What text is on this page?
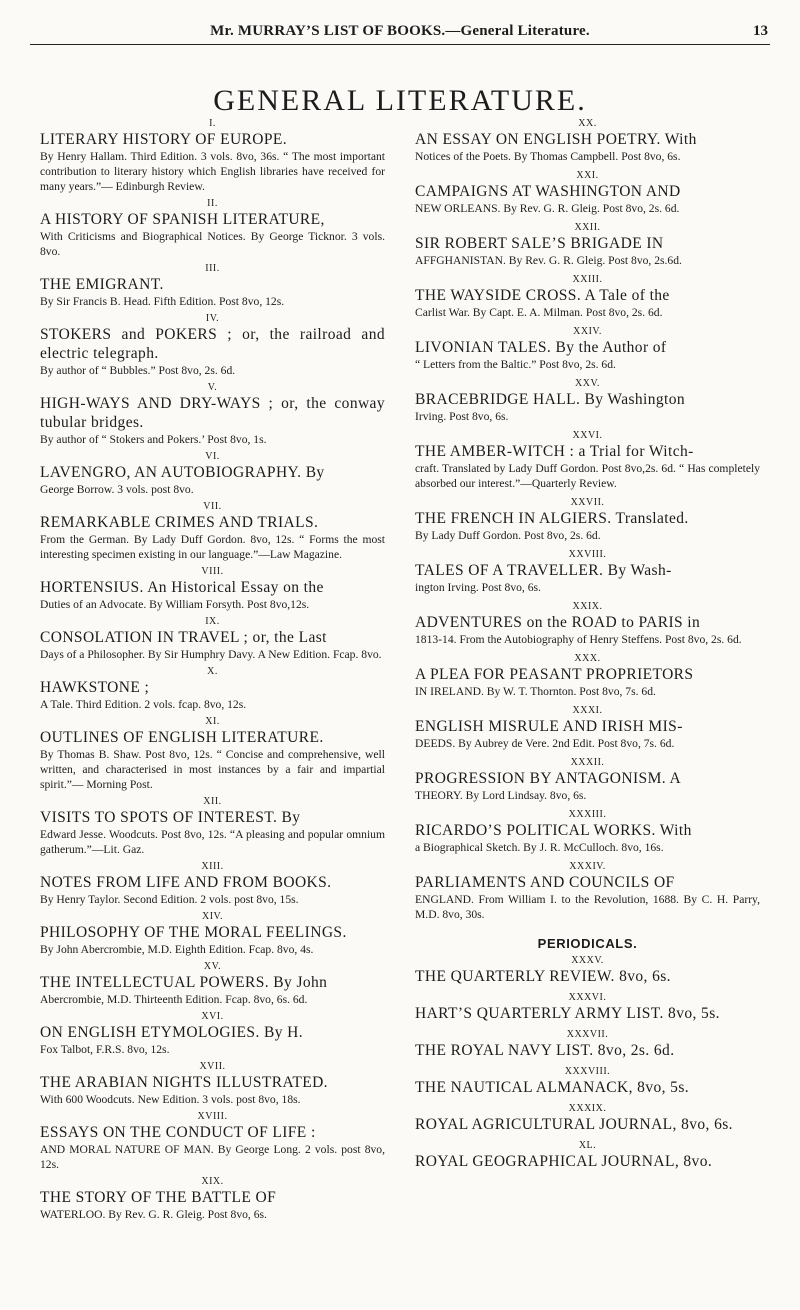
Mr. MURRAY’S LIST OF BOOKS.—General Literature.	13
GENERAL LITERATURE.
I.
LITERARY HISTORY OF EUROPE.
By Henry Hallam. Third Edition. 3 vols. 8vo, 36s. “ The most important contribution to literary history which English libraries have received for many years.”— Edinburgh Review.
II.
A HISTORY OF SPANISH LITERATURE,
With Criticisms and Biographical Notices. By George Ticknor. 3 vols. 8vo.
III.
THE EMIGRANT.
By Sir Francis B. Head. Fifth Edition. Post 8vo, 12s.
IV.
STOKERS and POKERS ; or, the railroad and electric telegraph.
By author of “ Bubbles.” Post 8vo, 2s. 6d.
V.
HIGH-WAYS AND DRY-WAYS ; or, the conway tubular bridges.
By author of “ Stokers and Pokers.’ Post 8vo, 1s.
VI.
LAVENGRO, AN AUTOBIOGRAPHY. By
George Borrow. 3 vols. post 8vo.
VII.
REMARKABLE CRIMES AND TRIALS.
From the German. By Lady Duff Gordon. 8vo, 12s. “ Forms the most interesting specimen existing in our language.”—Law Magazine.
VIII.
HORTENSIUS. An Historical Essay on the
Duties of an Advocate. By William Forsyth. Post 8vo,12s.
IX.
CONSOLATION IN TRAVEL ; or, the Last
Days of a Philosopher. By Sir Humphry Davy. A New Edition. Fcap. 8vo.
X.
HAWKSTONE ;
A Tale. Third Edition. 2 vols. fcap. 8vo, 12s.
XI.
OUTLINES OF ENGLISH LITERATURE.
By Thomas B. Shaw. Post 8vo, 12s. “ Concise and comprehensive, well written, and characterised in most instances by a fair and impartial spirit.”— Morning Post.
XII.
VISITS TO SPOTS OF INTEREST. By
Edward Jesse. Woodcuts. Post 8vo, 12s. “A pleasing and popular omnium gatherum.”—Lit. Gaz.
XIII.
NOTES FROM LIFE AND FROM BOOKS.
By Henry Taylor. Second Edition. 2 vols. post 8vo, 15s.
XIV.
PHILOSOPHY OF THE MORAL FEELINGS.
By John Abercrombie, M.D. Eighth Edition. Fcap. 8vo, 4s.
XV.
THE INTELLECTUAL POWERS. By John
Abercrombie, M.D. Thirteenth Edition. Fcap. 8vo, 6s. 6d.
XVI.
ON ENGLISH ETYMOLOGIES. By H.
Fox Talbot, F.R.S. 8vo, 12s.
XVII.
THE ARABIAN NIGHTS ILLUSTRATED.
With 600 Woodcuts. New Edition. 3 vols. post 8vo, 18s.
XVIII.
ESSAYS ON THE CONDUCT OF LIFE :
AND MORAL NATURE OF MAN. By George Long. 2 vols. post 8vo, 12s.
XIX.
THE STORY OF THE BATTLE OF
WATERLOO. By Rev. G. R. Gleig. Post 8vo, 6s.
XX.
AN ESSAY ON ENGLISH POETRY. With
Notices of the Poets. By Thomas Campbell. Post 8vo, 6s.
XXI.
CAMPAIGNS AT WASHINGTON AND
NEW ORLEANS. By Rev. G. R. Gleig. Post 8vo, 2s. 6d.
XXII.
SIR ROBERT SALE’S BRIGADE IN
AFFGHANISTAN. By Rev. G. R. Gleig. Post 8vo, 2s.6d.
XXIII.
THE WAYSIDE CROSS. A Tale of the
Carlist War. By Capt. E. A. Milman. Post 8vo, 2s. 6d.
XXIV.
LIVONIAN TALES. By the Author of
“ Letters from the Baltic.” Post 8vo, 2s. 6d.
XXV.
BRACEBRIDGE HALL. By Washington
Irving. Post 8vo, 6s.
XXVI.
THE AMBER-WITCH : a Trial for Witch-
craft. Translated by Lady Duff Gordon. Post 8vo,2s. 6d. “ Has completely absorbed our interest.”—Quarterly Review.
XXVII.
THE FRENCH IN ALGIERS. Translated.
By Lady Duff Gordon. Post 8vo, 2s. 6d.
XXVIII.
TALES OF A TRAVELLER. By Wash-
ington Irving. Post 8vo, 6s.
XXIX.
ADVENTURES on the ROAD to PARIS in
1813-14. From the Autobiography of Henry Steffens. Post 8vo, 2s. 6d.
XXX.
A PLEA FOR PEASANT PROPRIETORS
IN IRELAND. By W. T. Thornton. Post 8vo, 7s. 6d.
XXXI.
ENGLISH MISRULE AND IRISH MIS-
DEEDS. By Aubrey de Vere. 2nd Edit. Post 8vo, 7s. 6d.
XXXII.
PROGRESSION BY ANTAGONISM. A
THEORY. By Lord Lindsay. 8vo, 6s.
XXXIII.
RICARDO’S POLITICAL WORKS. With
a Biographical Sketch. By J. R. McCulloch. 8vo, 16s.
XXXIV.
PARLIAMENTS AND COUNCILS OF
ENGLAND. From William I. to the Revolution, 1688. By C. H. Parry, M.D. 8vo, 30s.
PERIODICALS.
XXXV.
THE QUARTERLY REVIEW. 8vo, 6s.
XXXVI.
HART’S QUARTERLY ARMY LIST. 8vo, 5s.
XXXVII.
THE ROYAL NAVY LIST. 8vo, 2s. 6d.
XXXVIII.
THE NAUTICAL ALMANACK, 8vo, 5s.
XXXIX.
ROYAL AGRICULTURAL JOURNAL, 8vo, 6s.
XL.
ROYAL GEOGRAPHICAL JOURNAL, 8vo.
